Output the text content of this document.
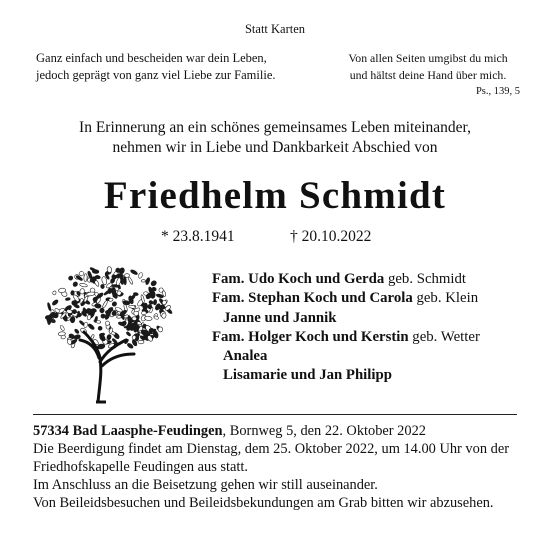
Statt Karten
Ganz einfach und bescheiden war dein Leben,
jedoch geprägt von ganz viel Liebe zur Familie.
Von allen Seiten umgibst du mich
und hältst deine Hand über mich.
Ps., 139, 5
In Erinnerung an ein schönes gemeinsames Leben miteinander,
nehmen wir in Liebe und Dankbarkeit Abschied von
Friedhelm Schmidt
* 23.8.1941	† 20.10.2022
Fam. Udo Koch und Gerda geb. Schmidt
Fam. Stephan Koch und Carola geb. Klein
Janne und Jannik
Fam. Holger Koch und Kerstin geb. Wetter
Analea
Lisamarie und Jan Philipp

57334 Bad Laasphe-Feudingen, Bornweg 5, den 22. Oktober 2022

Die Beerdigung findet am Dienstag, dem 25. Oktober 2022, um 14.00 Uhr von der Friedhofskapelle Feudingen aus statt.

Im Anschluss an die Beisetzung gehen wir still auseinander.

Von Beileidsbesuchen und Beileidsbekundungen am Grab bitten wir abzusehen.
